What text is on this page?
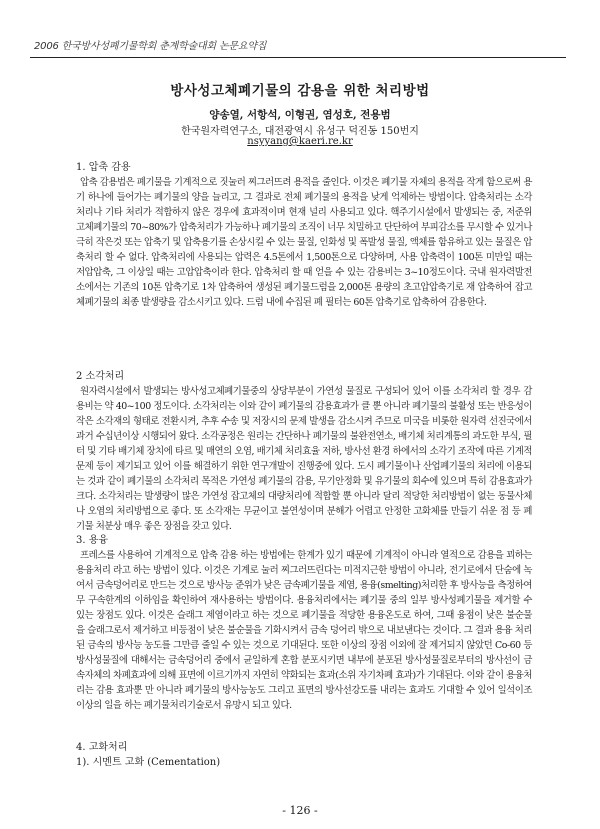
2006 한국방사성폐기물학회 춘계학술대회 논문요약집
방사성고체폐기물의 감용을 위한 처리방법
양송열, 서항석, 이형권, 염성호, 전용범
한국원자력연구소, 대전광역시 유성구 덕진동 150번지
nsyyang@kaeri.re.kr
1. 압축 감용
압축 감용법은 폐기물을 기계적으로 짓눌러 찌그러뜨려 용적을 줄인다. 이것은 폐기물 자체의 용적을 작게 함으로써 용기 하나에 들어가는 폐기물의 양을 늘리고, 그 결과로 전체 폐기물의 용적을 낮게 억제하는 방법이다. 압축처리는 소각처리나 기타 처리가 적합하지 않은 경우에 효과적이며 현재 널리 사용되고 있다. 핵주기시설에서 발생되는 중, 저준위 고체폐기물의 70~80%가 압축처리가 가능하나 폐기물의 조직이 너무 치밀하고 단단하여 부피감소를 무시할 수 있거나 극히 작은것 또는 압축기 및 압축용기를 손상시킬 수 있는 물질, 인화성 및 폭발성 물질, 액체를 함유하고 있는 물질은 압축처리 할 수 없다. 압축처리에 사용되는 압력은 4.5톤에서 1,500톤으로 다양하며, 사용 압축력이 100톤 미만일 때는 저압압축, 그 이상일 때는 고압압축이라 한다. 압축처리 할 때 얻을 수 있는 감용비는 3~10정도이다. 국내 원자력발전소에서는 기존의 10톤 압축기로 1차 압축하여 생성된 폐기물드럼을 2,000톤 용량의 초고압압축기로 재 압축하여 잡고체폐기물의 최종 발생량을 감소시키고 있다. 드럼 내에 수집된 폐 필터는 60톤 압축기로 압축하여 감용한다.
2 소각처리
원자력시설에서 발생되는 방사성고체폐기물중의 상당부분이 가연성 물질로 구성되어 있어 이를 소각처리 할 경우 감용비는 약 40~100 정도이다. 소각처리는 이와 같이 폐기물의 감용효과가 클 뿐 아니라 폐기물의 불활성 또는 반응성이 작은 소각재의 형태로 전환시켜, 추후 수송 및 저장시의 문제 발생을 감소시켜 주므로 미국을 비롯한 원자력 선진국에서 과거 수십년이상 시행되어 왔다. 소각공정은 원리는 간단하나 폐기물의 불완전연소, 배기체 처리계통의 과도한 부식, 필터 및 기타 배기체 장치에 타르 및 매연의 오염, 배기체 처리효율 저하, 방사선 환경 하에서의 소각기 조작에 따른 기계적 문제 등이 제기되고 있어 이를 해결하기 위한 연구개발이 진행중에 있다. 도시 폐기물이나 산업폐기물의 처리에 이용되는 것과 같이 폐기물의 소각처리 목적은 가연성 폐기물의 감용, 무기안정화 및 유기물의 회수에 있으며 특히 감용효과가 크다. 소각처리는 발생량이 많은 가연성 잡고체의 대량처리에 적합할 뿐 아니라 달리 적당한 처리방법이 없는 동물사체나 오염의 처리방법으로 좋다. 또 소각재는 무균이고 불연성이며 분해가 어렵고 안정한 고화체를 만들기 쉬운 점 등 폐기물 처분상 매우 좋은 장점을 갖고 있다.
3. 용융
프레스를 사용하여 기계적으로 압축 감용 하는 방법에는 한계가 있기 때문에 기계적이 아니라 열적으로 감용을 꾀하는 용융처리 라고 하는 방법이 있다. 이것은 기계로 눌러 찌그러뜨린다는 미적지근한 방법이 아니라, 전기로에서 단숨에 녹여서 금속덩어리로 만드는 것으로 방사능 준위가 낮은 금속폐기물을 제염, 용융(smelting)처리한 후 방사능을 측정하여 무 구속한계의 이하임을 확인하여 재사용하는 방법이다. 용융처리에서는 폐기물 중의 일부 방사성폐기물을 제거할 수 있는 장점도 있다. 이것은 슬래그 제염이라고 하는 것으로 폐기물을 적당한 용융온도로 하여, 그때 융점이 낮은 불순물을 슬래그로서 제거하고 비등점이 낮은 불순물을 기화시켜서 금속 덩어리 밖으로 내보낸다는 것이다. 그 결과 용융 처리된 금속의 방사능 농도를 그만큼 줄일 수 있는 것으로 기대된다. 또한 이상의 장점 이외에 잘 제거되지 않았던 Co-60 등 방사성물질에 대해서는 금속덩어리 중에서 균일하게 혼합 분포시키면 내부에 분포된 방사성물질로부터의 방사선이 금속자체의 차폐효과에 의해 표면에 이르기까지 자연히 약화되는 효과(소위 자기차폐 효과)가 기대된다. 이와 같이 용융처리는 감용 효과뿐 만 아니라 폐기물의 방사능농도 그리고 표면의 방사선강도를 내리는 효과도 기대할 수 있어 일석이조 이상의 일을 하는 폐기물처리기술로서 유망시 되고 있다.
4. 고화처리
1). 시멘트 고화 (Cementation)
- 126 -
